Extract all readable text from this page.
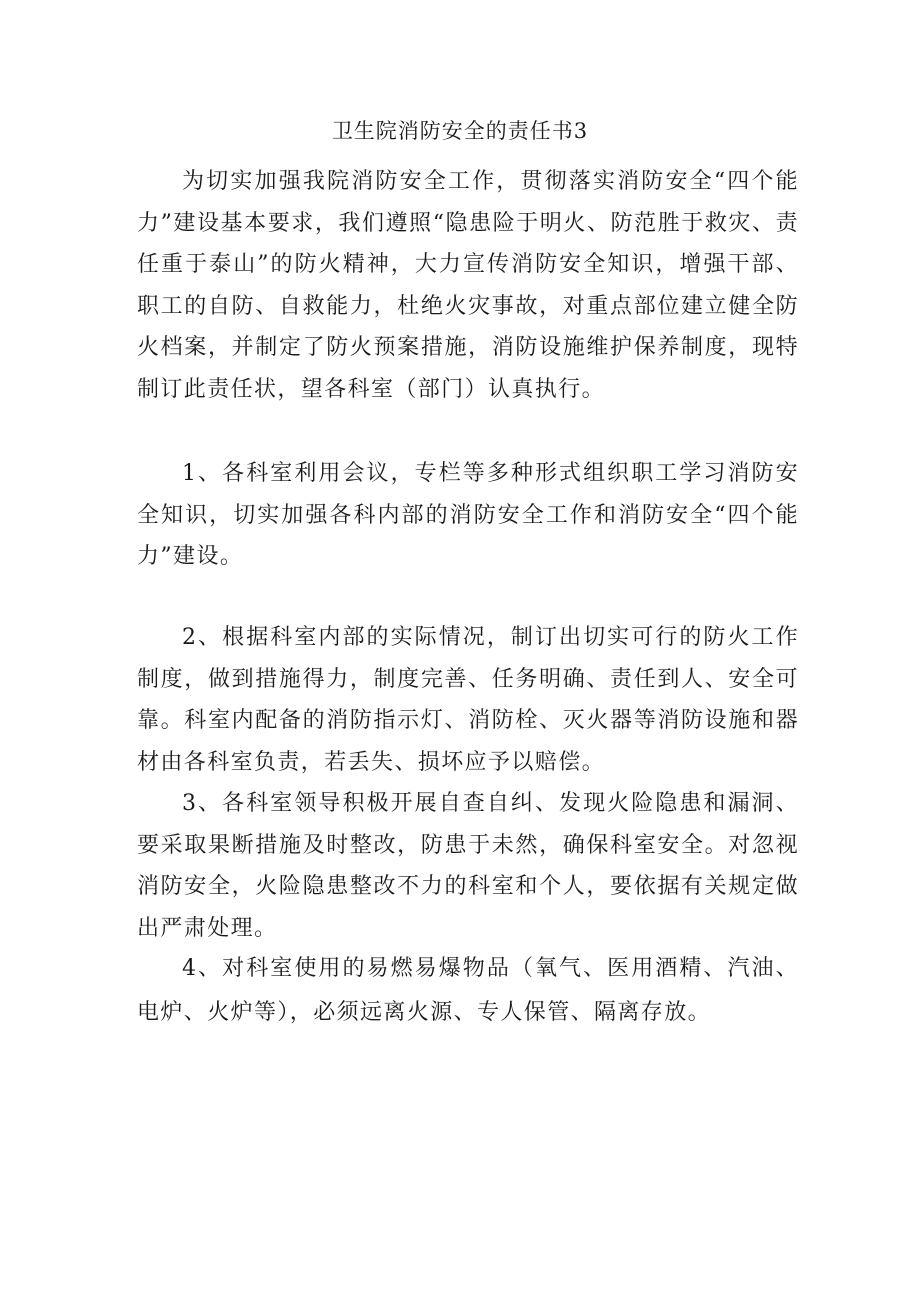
卫生院消防安全的责任书3

为切实加强我院消防安全工作，贯彻落实消防安全“四个能力”建设基本要求，我们遵照“隐患险于明火、防范胜于救灾、责任重于泰山”的防火精神，大力宣传消防安全知识，增强干部、职工的自防、自救能力，杜绝火灾事故，对重点部位建立健全防火档案，并制定了防火预案措施，消防设施维护保养制度，现特制订此责任状，望各科室（部门）认真执行。

1、各科室利用会议，专栏等多种形式组织职工学习消防安全知识，切实加强各科内部的消防安全工作和消防安全“四个能力”建设。

2、根据科室内部的实际情况，制订出切实可行的防火工作制度，做到措施得力，制度完善、任务明确、责任到人、安全可靠。科室内配备的消防指示灯、消防栓、灭火器等消防设施和器材由各科室负责，若丢失、损坏应予以赔偿。

3、各科室领导积极开展自查自纠、发现火险隐患和漏洞、要采取果断措施及时整改，防患于未然，确保科室安全。对忽视消防安全，火险隐患整改不力的科室和个人，要依据有关规定做出严肃处理。

4、对科室使用的易燃易爆物品（氧气、医用酒精、汽油、电炉、火炉等），必须远离火源、专人保管、隔离存放。
